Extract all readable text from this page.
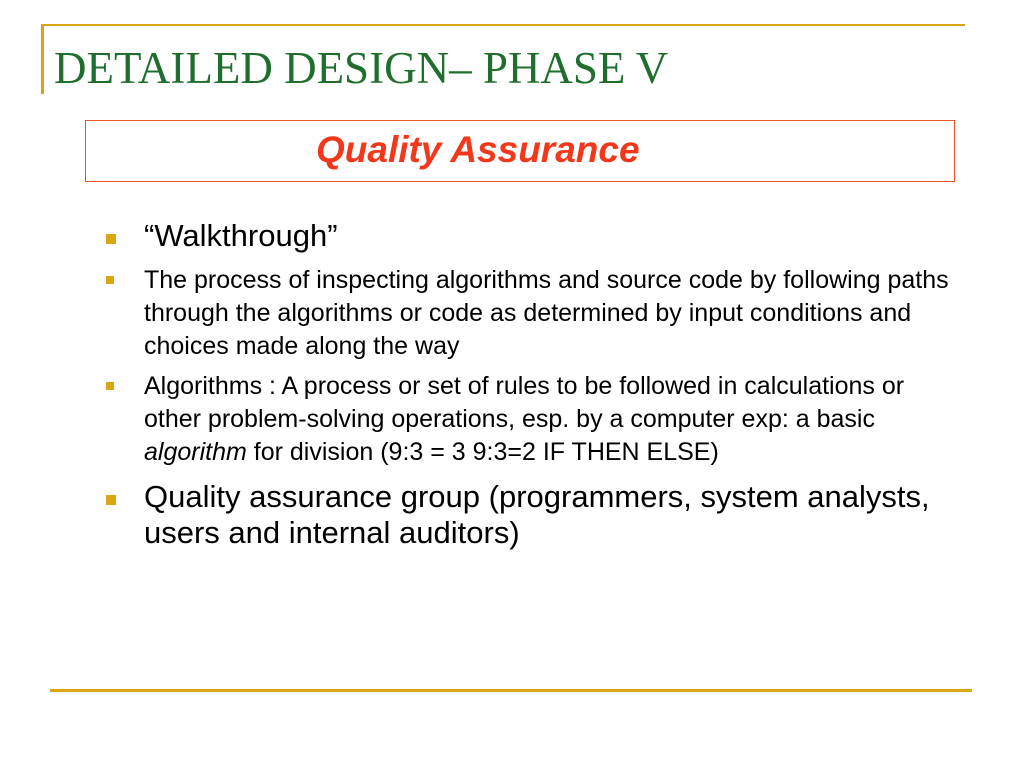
DETAILED DESIGN– PHASE V
Quality Assurance
“Walkthrough”
The process of inspecting algorithms and source code by following paths through the algorithms or code as determined by input conditions and choices made along the way
Algorithms : A process or set of rules to be followed in calculations or other problem-solving operations, esp. by a computer exp: a basic algorithm for division (9:3 = 3 9:3=2 IF THEN ELSE)
Quality assurance group (programmers, system analysts, users and internal auditors)
